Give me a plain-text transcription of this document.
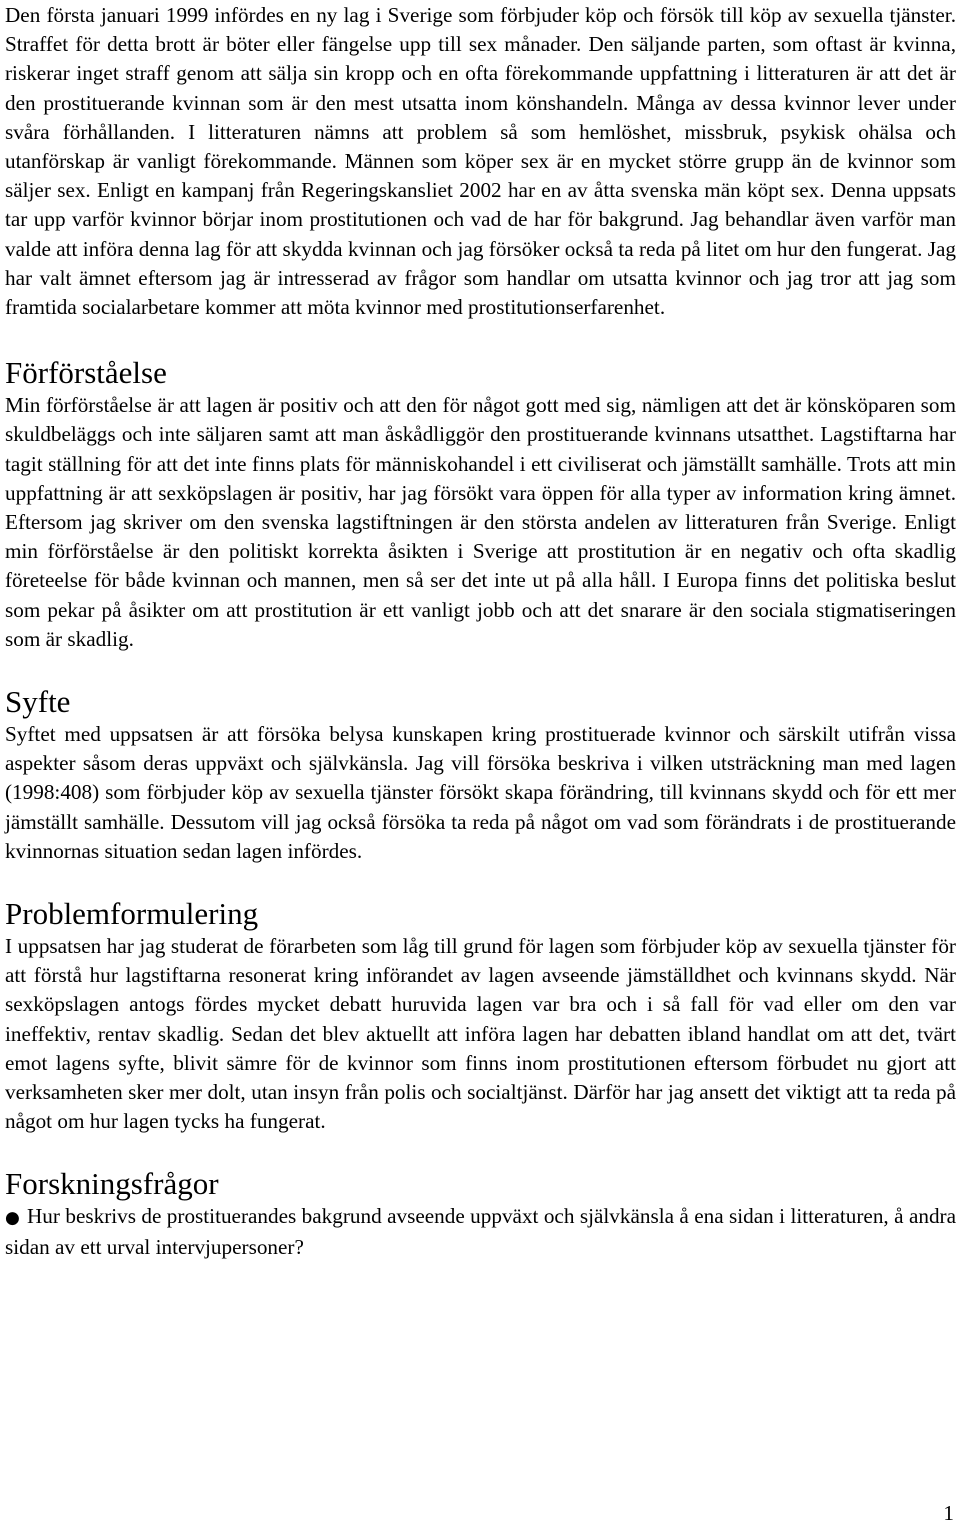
Den första januari 1999 infördes en ny lag i Sverige som förbjuder köp och försök till köp av sexuella tjänster. Straffet för detta brott är böter eller fängelse upp till sex månader. Den säljande parten, som oftast är kvinna, riskerar inget straff genom att sälja sin kropp och en ofta förekommande uppfattning i litteraturen är att det är den prostituerande kvinnan som är den mest utsatta inom könshandeln. Många av dessa kvinnor lever under svåra förhållanden. I litteraturen nämns att problem så som hemlöshet, missbruk, psykisk ohälsa och utanförskap är vanligt förekommande. Männen som köper sex är en mycket större grupp än de kvinnor som säljer sex. Enligt en kampanj från Regeringskansliet 2002 har en av åtta svenska män köpt sex. Denna uppsats tar upp varför kvinnor börjar inom prostitutionen och vad de har för bakgrund. Jag behandlar även varför man valde att införa denna lag för att skydda kvinnan och jag försöker också ta reda på litet om hur den fungerat. Jag har valt ämnet eftersom jag är intresserad av frågor som handlar om utsatta kvinnor och jag tror att jag som framtida socialarbetare kommer att möta kvinnor med prostitutionserfarenhet.

Förförståelse

Min förförståelse är att lagen är positiv och att den för något gott med sig, nämligen att det är könsköparen som skuldbeläggs och inte säljaren samt att man åskådliggör den prostituerande kvinnans utsatthet. Lagstiftarna har tagit ställning för att det inte finns plats för människohandel i ett civiliserat och jämställt samhälle. Trots att min uppfattning är att sexköpslagen är positiv, har jag försökt vara öppen för alla typer av information kring ämnet. Eftersom jag skriver om den svenska lagstiftningen är den största andelen av litteraturen från Sverige. Enligt min förförståelse är den politiskt korrekta åsikten i Sverige att prostitution är en negativ och ofta skadlig företeelse för både kvinnan och mannen, men så ser det inte ut på alla håll. I Europa finns det politiska beslut som pekar på åsikter om att prostitution är ett vanligt jobb och att det snarare är den sociala stigmatiseringen som är skadlig.

Syfte

Syftet med uppsatsen är att försöka belysa kunskapen kring prostituerade kvinnor och särskilt utifrån vissa aspekter såsom deras uppväxt och självkänsla. Jag vill försöka beskriva i vilken utsträckning man med lagen (1998:408) som förbjuder köp av sexuella tjänster försökt skapa förändring, till kvinnans skydd och för ett mer jämställt samhälle. Dessutom vill jag också försöka ta reda på något om vad som förändrats i de prostituerande kvinnornas situation sedan lagen infördes.

Problemformulering

I uppsatsen har jag studerat de förarbeten som låg till grund för lagen som förbjuder köp av sexuella tjänster för att förstå hur lagstiftarna resonerat kring införandet av lagen avseende jämställdhet och kvinnans skydd. När sexköpslagen antogs fördes mycket debatt huruvida lagen var bra och i så fall för vad eller om den var ineffektiv, rentav skadlig. Sedan det blev aktuellt att införa lagen har debatten ibland handlat om att det, tvärt emot lagens syfte, blivit sämre för de kvinnor som finns inom prostitutionen eftersom förbudet nu gjort att verksamheten sker mer dolt, utan insyn från polis och socialtjänst. Därför har jag ansett det viktigt att ta reda på något om hur lagen tycks ha fungerat.

Forskningsfrågor

● Hur beskrivs de prostituerandes bakgrund avseende uppväxt och självkänsla å ena sidan i litteraturen, å andra sidan av ett urval intervjupersoner?

1
